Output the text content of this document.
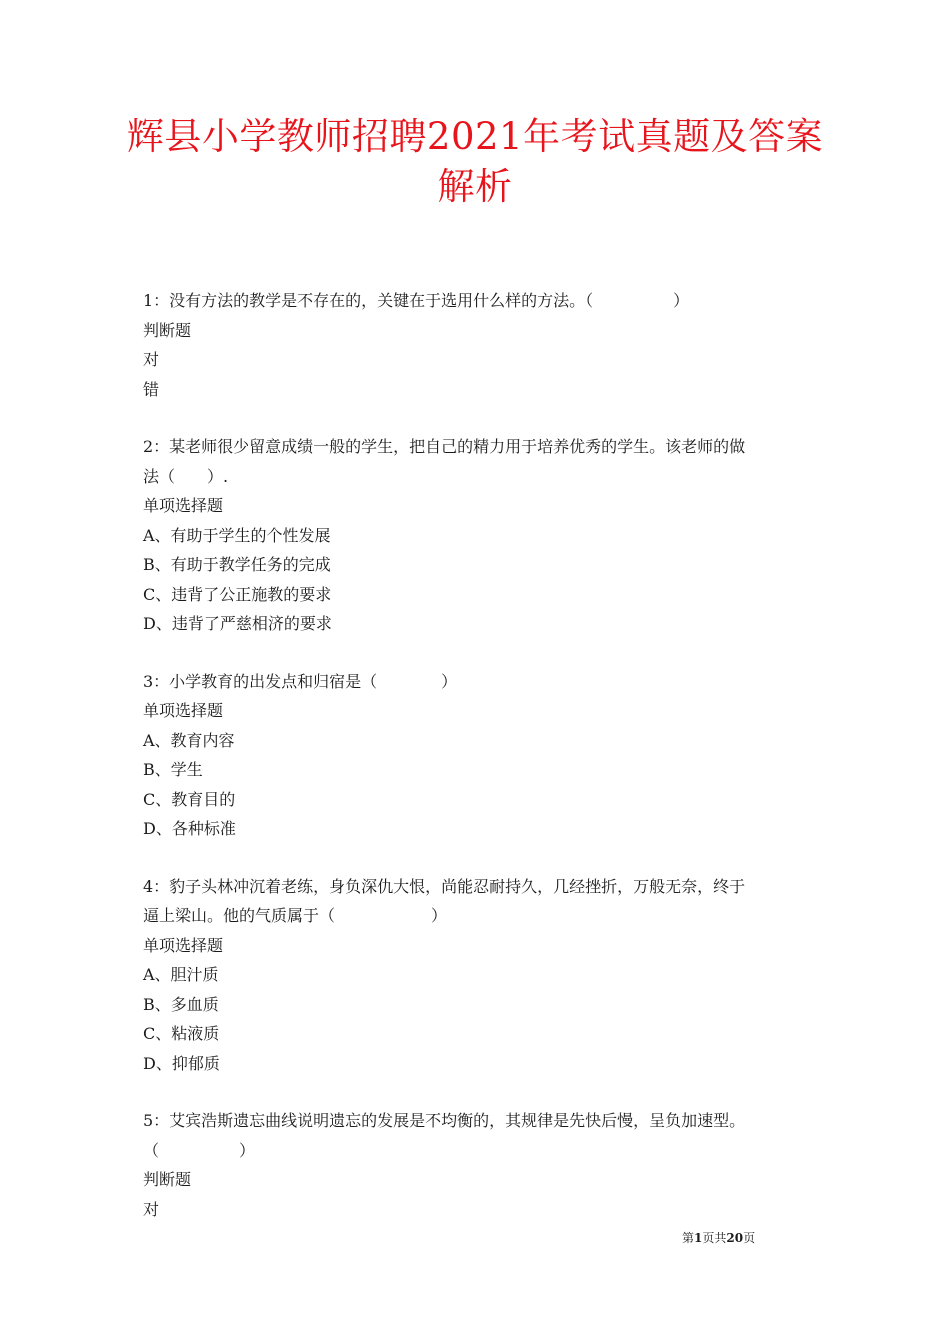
辉县小学教师招聘2021年考试真题及答案
解析
1：没有方法的教学是不存在的，关键在于选用什么样的方法。（　　　　　）
判断题
对
错
2：某老师很少留意成绩一般的学生，把自己的精力用于培养优秀的学生。该老师的做
法（　　）.
单项选择题
A、有助于学生的个性发展
B、有助于教学任务的完成
C、违背了公正施教的要求
D、违背了严慈相济的要求
3：小学教育的出发点和归宿是（　　　　）
单项选择题
A、教育内容
B、学生
C、教育目的
D、各种标准
4：豹子头林冲沉着老练，身负深仇大恨，尚能忍耐持久，几经挫折，万般无奈，终于
逼上梁山。他的气质属于（　　　　　　）
单项选择题
A、胆汁质
B、多血质
C、粘液质
D、抑郁质
5：艾宾浩斯遗忘曲线说明遗忘的发展是不均衡的，其规律是先快后慢，呈负加速型。
（　　　　　）
判断题
对
第1页共20页
